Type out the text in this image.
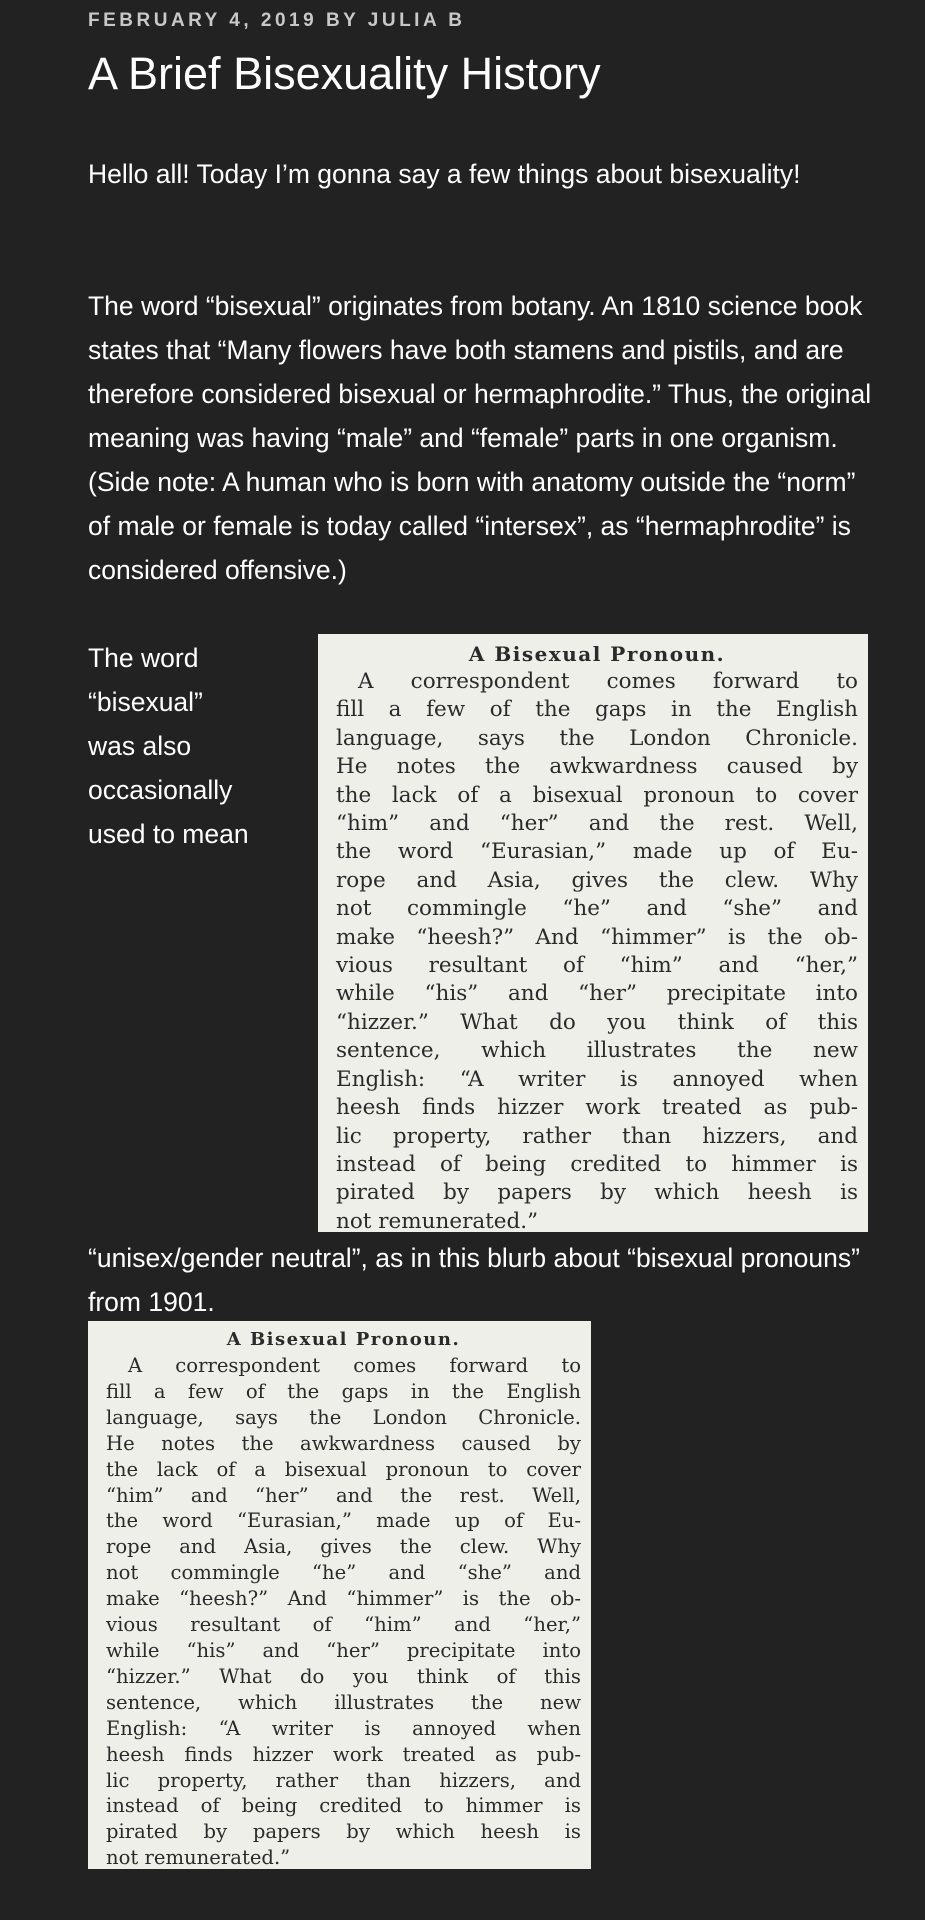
FEBRUARY 4, 2019 BY JULIA B
A Brief Bisexuality History

Hello all! Today I’m gonna say a few things about bisexuality!

The word “bisexual” originates from botany. An 1810 science book states that “Many flowers have both stamens and pistils, and are therefore considered bisexual or hermaphrodite.” Thus, the original meaning was having “male” and “female” parts in one organism. (Side note: A human who is born with anatomy outside the “norm” of male or female is today called “intersex”, as “hermaphrodite” is considered offensive.)

The word
“bisexual”
was also
occasionally
used to mean
A Bisexual Pronoun.
A correspondent comes forward to
fill a few of the gaps in the English
language, says the London Chronicle.
He notes the awkwardness caused by
the lack of a bisexual pronoun to cover
“him” and “her” and the rest. Well,
the word “Eurasian,” made up of Eu-
rope and Asia, gives the clew. Why
not commingle “he” and “she” and
make “heesh?” And “himmer” is the ob-
vious resultant of “him” and “her,”
while “his” and “her” precipitate into
“hizzer.” What do you think of this
sentence, which illustrates the new
English: “A writer is annoyed when
heesh finds hizzer work treated as pub-
lic property, rather than hizzers, and
instead of being credited to himmer is
pirated by papers by which heesh is
not remunerated.”

“unisex/gender neutral”, as in this blurb about “bisexual pronouns” from 1901.

A Bisexual Pronoun.
A correspondent comes forward to
fill a few of the gaps in the English
language, says the London Chronicle.
He notes the awkwardness caused by
the lack of a bisexual pronoun to cover
“him” and “her” and the rest. Well,
the word “Eurasian,” made up of Eu-
rope and Asia, gives the clew. Why
not commingle “he” and “she” and
make “heesh?” And “himmer” is the ob-
vious resultant of “him” and “her,”
while “his” and “her” precipitate into
“hizzer.” What do you think of this
sentence, which illustrates the new
English: “A writer is annoyed when
heesh finds hizzer work treated as pub-
lic property, rather than hizzers, and
instead of being credited to himmer is
pirated by papers by which heesh is
not remunerated.”
